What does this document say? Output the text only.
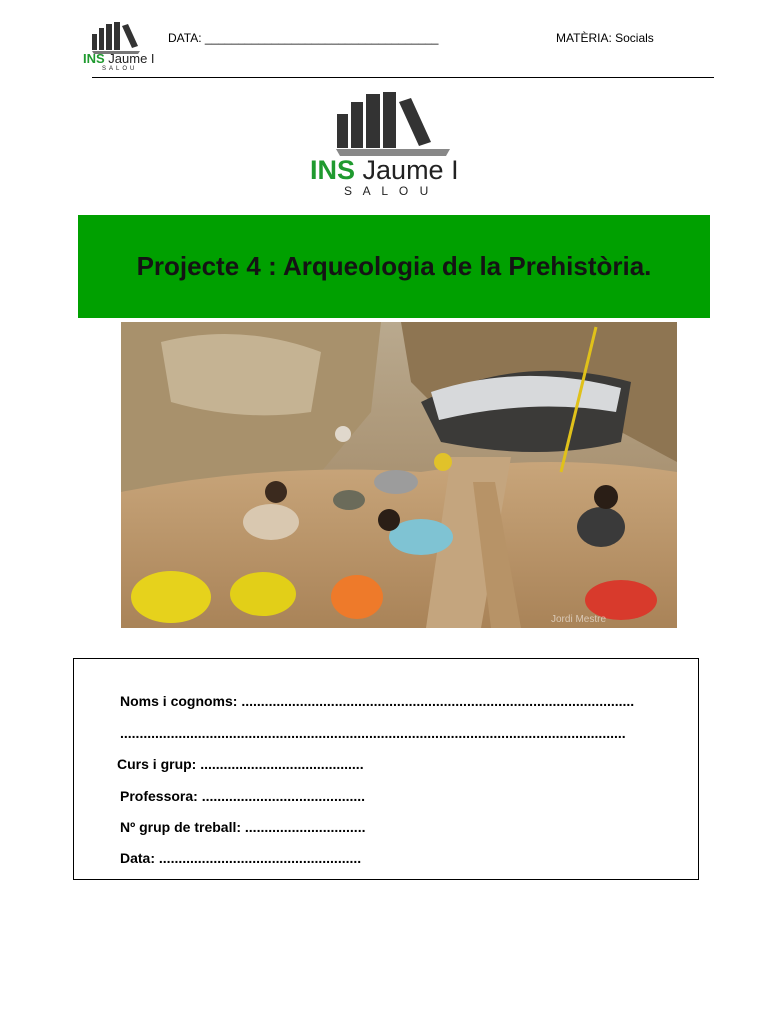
INS Jaume I
SALOU
DATA: ___________________________________	MATÈRIA: Socials
INS Jaume I
S A L O U
Projecte 4 : Arqueologia de la Prehistòria.
Jordi Mestre
Noms i cognoms: .....................................................................................................
..................................................................................................................................
Curs i grup: ..........................................
Professora: ..........................................
Nº grup de treball: ...............................
Data: ....................................................
